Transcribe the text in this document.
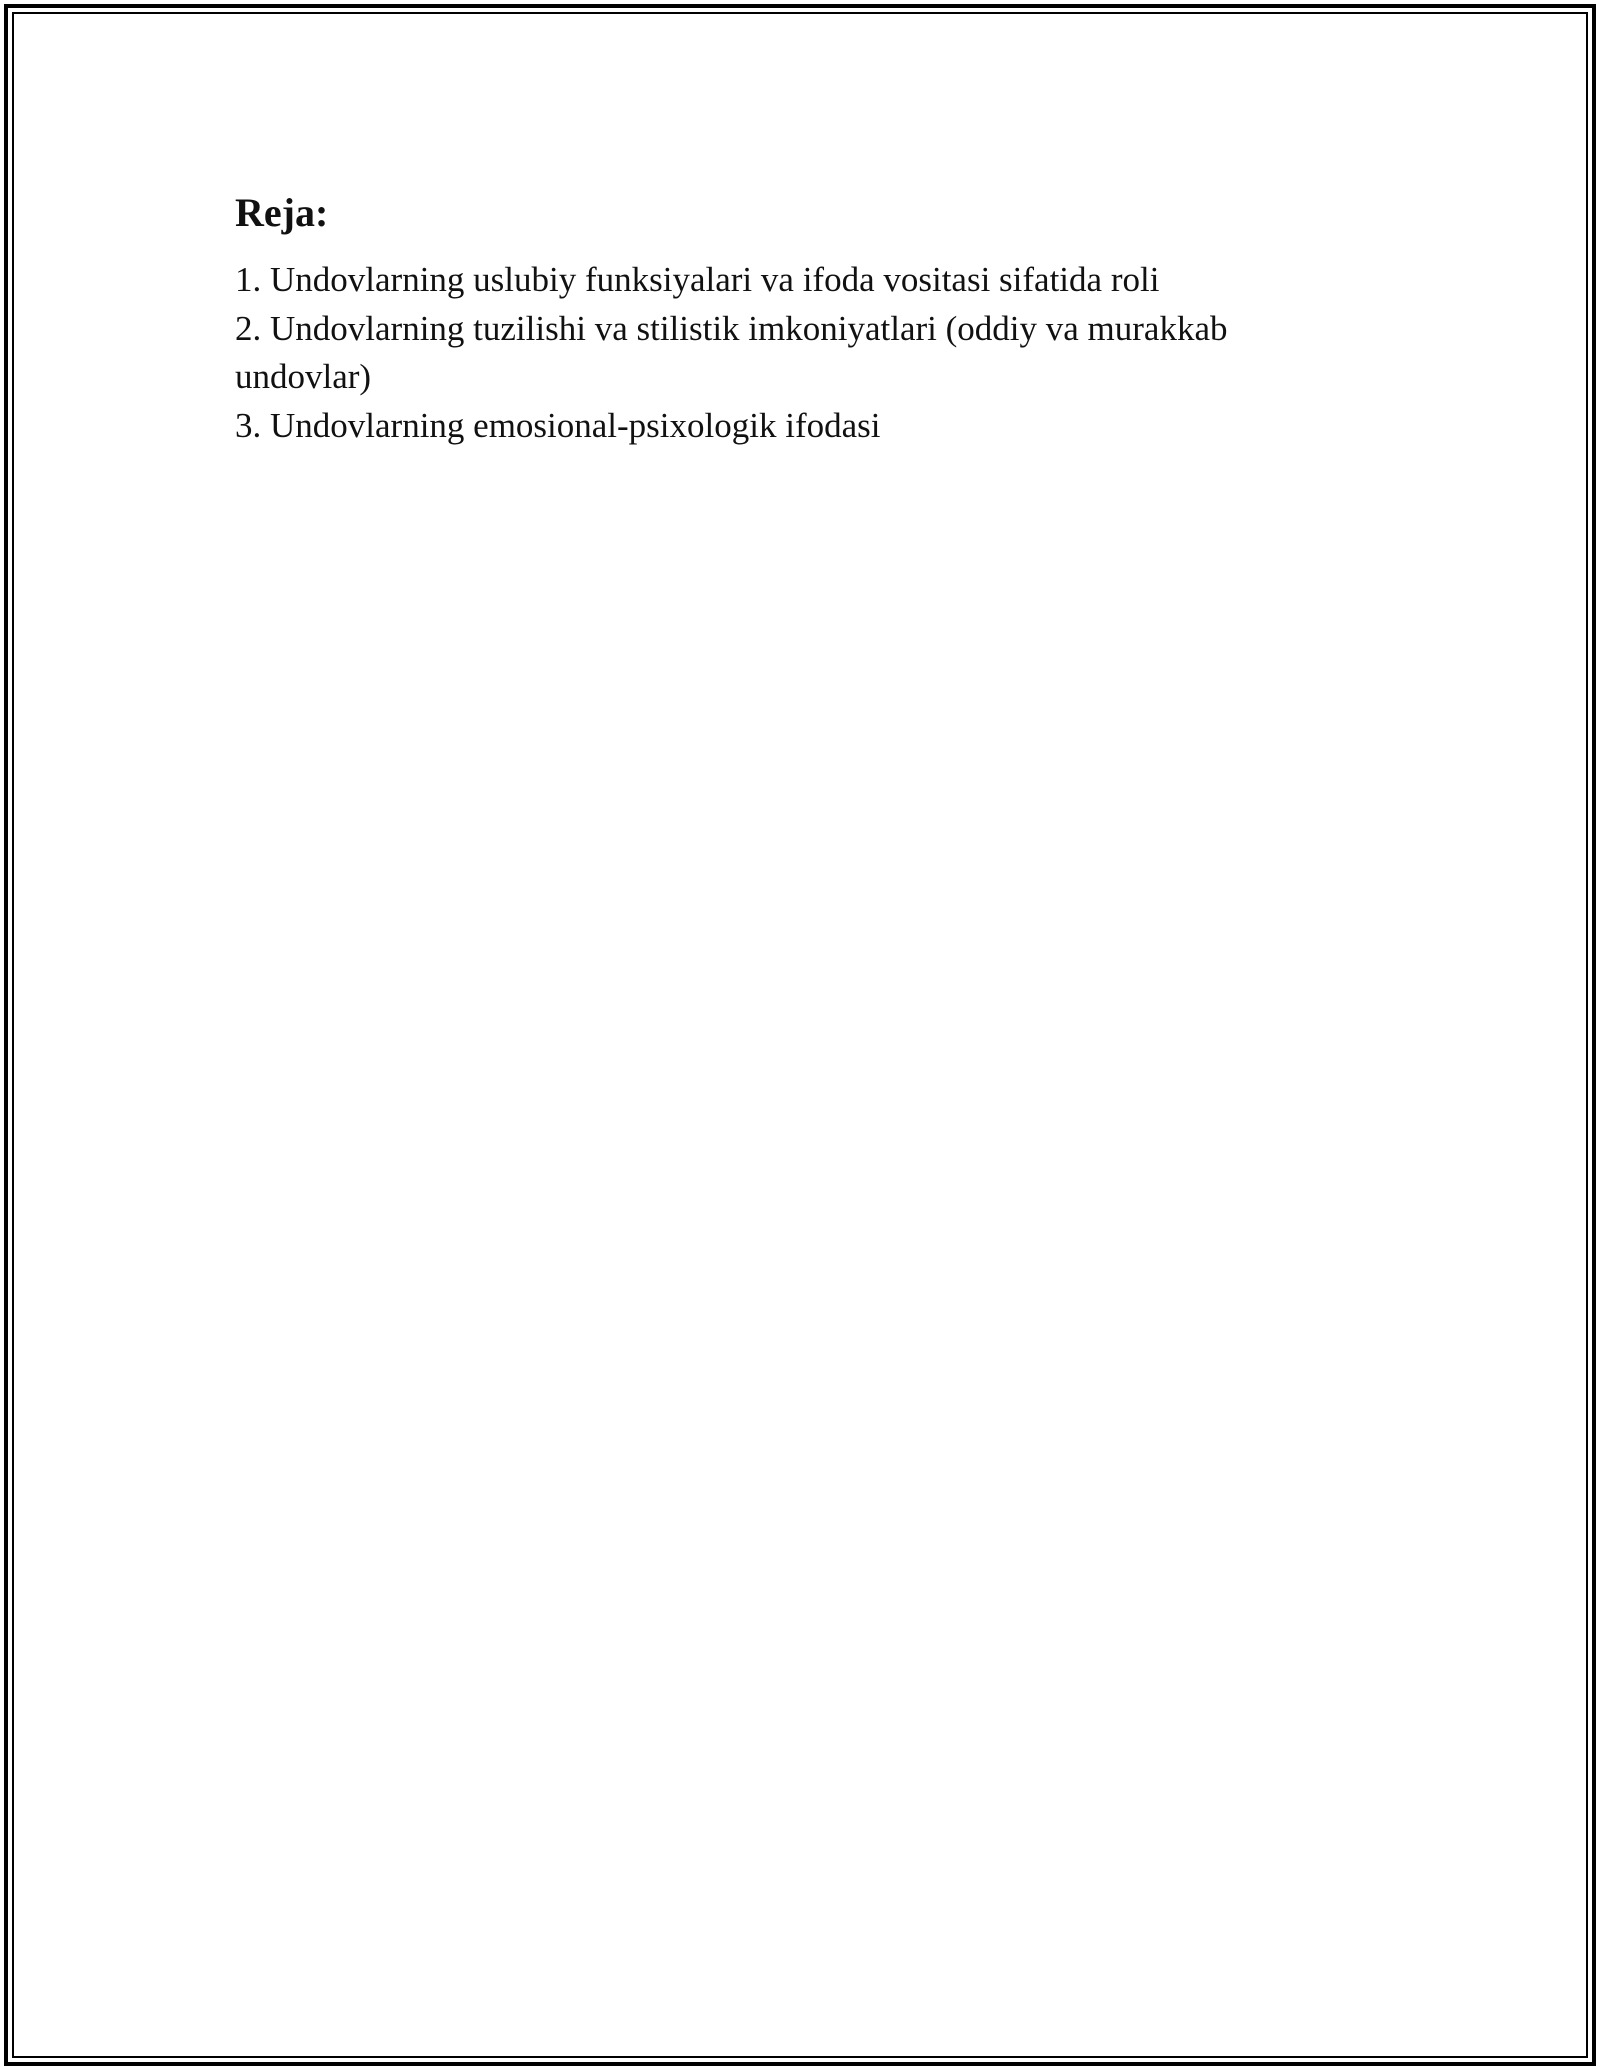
Reja:
1. Undovlarning uslubiy funksiyalari va ifoda vositasi sifatida roli
2. Undovlarning tuzilishi va stilistik imkoniyatlari (oddiy va murakkab undovlar)
3. Undovlarning emosional-psixologik ifodasi
